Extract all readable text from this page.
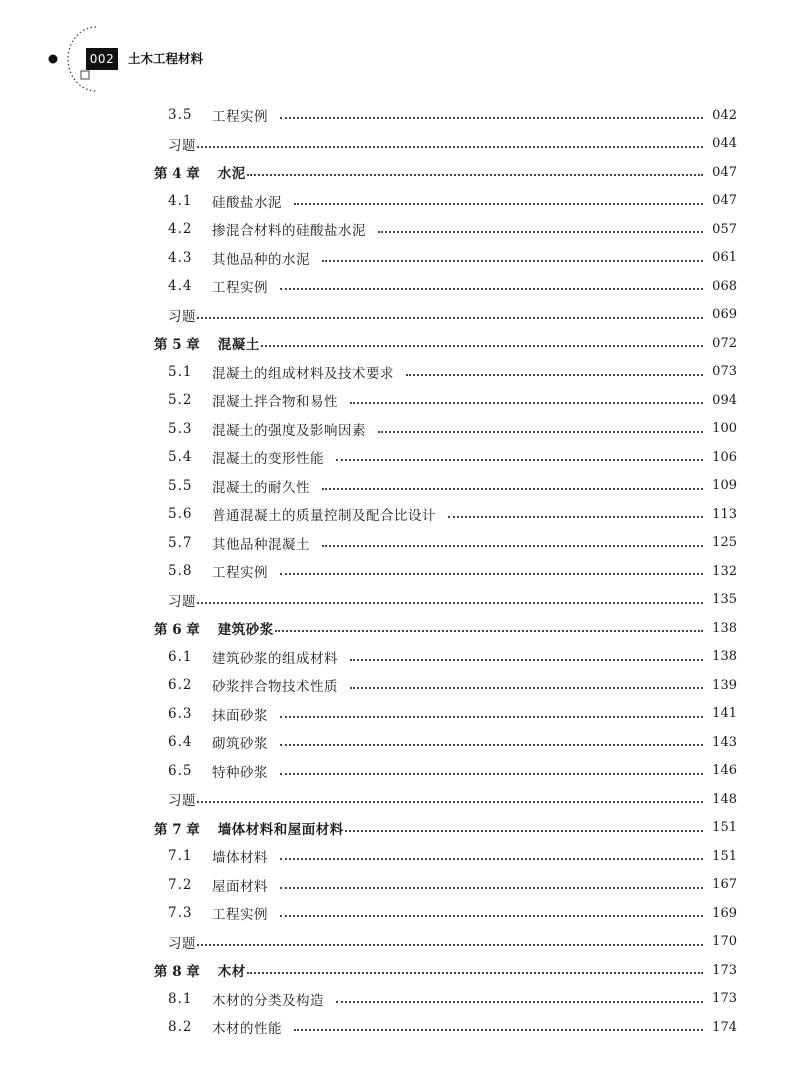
002	土木工程材料
3.5	工程实例	042
习题	044
第 4 章 水泥	047
4.1	硅酸盐水泥	047
4.2	掺混合材料的硅酸盐水泥	057
4.3	其他品种的水泥	061
4.4	工程实例	068
习题	069
第 5 章 混凝土	072
5.1	混凝土的组成材料及技术要求	073
5.2	混凝土拌合物和易性	094
5.3	混凝土的强度及影响因素	100
5.4	混凝土的变形性能	106
5.5	混凝土的耐久性	109
5.6	普通混凝土的质量控制及配合比设计	113
5.7	其他品种混凝土	125
5.8	工程实例	132
习题	135
第 6 章 建筑砂浆	138
6.1	建筑砂浆的组成材料	138
6.2	砂浆拌合物技术性质	139
6.3	抹面砂浆	141
6.4	砌筑砂浆	143
6.5	特种砂浆	146
习题	148
第 7 章 墙体材料和屋面材料	151
7.1	墙体材料	151
7.2	屋面材料	167
7.3	工程实例	169
习题	170
第 8 章 木材	173
8.1	木材的分类及构造	173
8.2	木材的性能	174
